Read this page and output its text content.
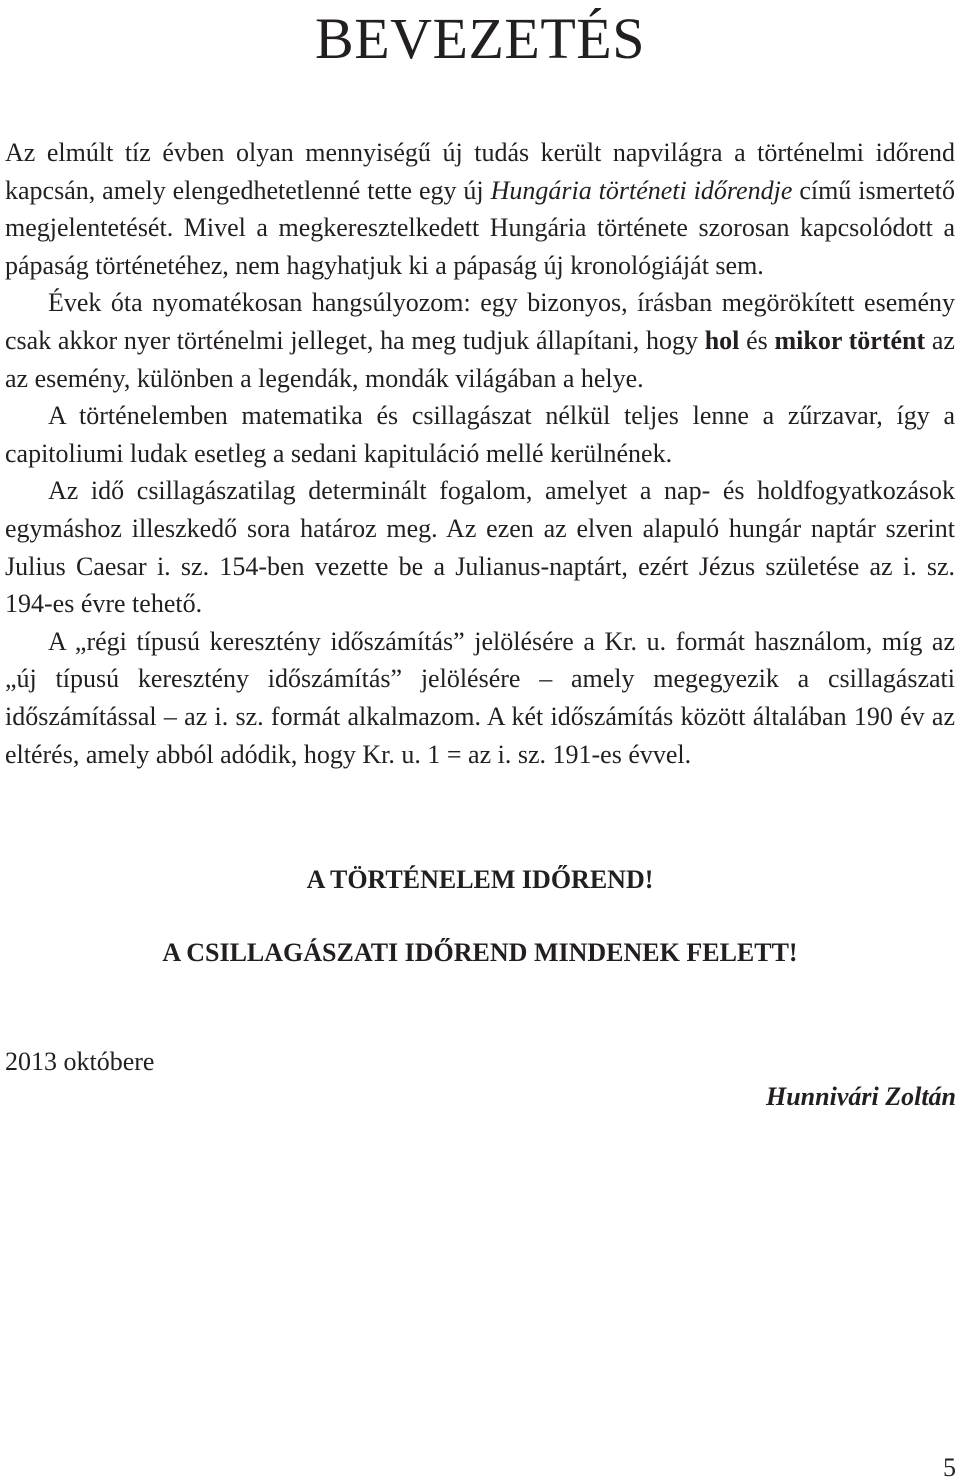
BEVEZETÉS

Az elmúlt tíz évben olyan mennyiségű új tudás került napvilágra a történelmi időrend kapcsán, amely elengedhetetlenné tette egy új Hungária történeti időrendje című ismertető megjelentetését. Mivel a megkeresztelkedett Hungária története szorosan kapcsolódott a pápaság történetéhez, nem hagyhatjuk ki a pápaság új kronológiáját sem.

Évek óta nyomatékosan hangsúlyozom: egy bizonyos, írásban megörökített esemény csak akkor nyer történelmi jelleget, ha meg tudjuk állapítani, hogy hol és mikor történt az az esemény, különben a legendák, mondák világában a helye.

A történelemben matematika és csillagászat nélkül teljes lenne a zűrzavar, így a capitoliumi ludak esetleg a sedani kapituláció mellé kerülnének.

Az idő csillagászatilag determinált fogalom, amelyet a nap- és holdfogyatkozások egymáshoz illeszkedő sora határoz meg. Az ezen az elven alapuló hungár naptár szerint Julius Caesar i. sz. 154-ben vezette be a Julianus-naptárt, ezért Jézus születése az i. sz. 194-es évre tehető.

A „régi típusú keresztény időszámítás” jelölésére a Kr. u. formát használom, míg az „új típusú keresztény időszámítás” jelölésére – amely megegyezik a csillagászati időszámítással – az i. sz. formát alkalmazom. A két időszámítás között általában 190 év az eltérés, amely abból adódik, hogy Kr. u. 1 = az i. sz. 191-es évvel.

A TÖRTÉNELEM IDŐREND!

A CSILLAGÁSZATI IDŐREND MINDENEK FELETT!

2013 októbere
Hunnivári Zoltán
5
